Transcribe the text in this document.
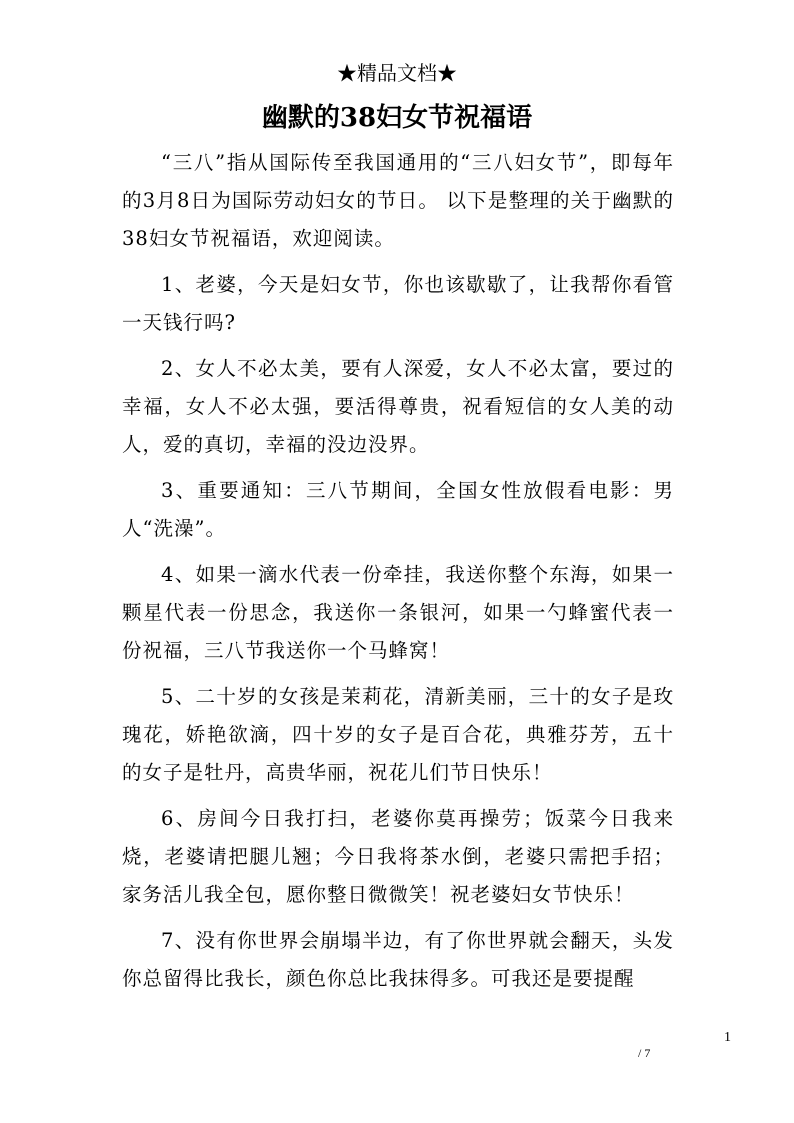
★精品文档★
幽默的38妇女节祝福语

“三八”指从国际传至我国通用的“三八妇女节”，即每年的3月8日为国际劳动妇女的节日。 以下是整理的关于幽默的38妇女节祝福语，欢迎阅读。

1、老婆，今天是妇女节，你也该歇歇了，让我帮你看管一天钱行吗?

2、女人不必太美，要有人深爱，女人不必太富，要过的幸福，女人不必太强，要活得尊贵，祝看短信的女人美的动人，爱的真切，幸福的没边没界。

3、重要通知：三八节期间，全国女性放假看电影：男人“洗澡”。

4、如果一滴水代表一份牵挂，我送你整个东海，如果一颗星代表一份思念，我送你一条银河，如果一勺蜂蜜代表一份祝福，三八节我送你一个马蜂窝！

5、二十岁的女孩是茉莉花，清新美丽，三十的女子是玫瑰花，娇艳欲滴，四十岁的女子是百合花，典雅芬芳，五十的女子是牡丹，高贵华丽，祝花儿们节日快乐！

6、房间今日我打扫，老婆你莫再操劳；饭菜今日我来烧，老婆请把腿儿翘；今日我将茶水倒，老婆只需把手招；家务活儿我全包，愿你整日微微笑！祝老婆妇女节快乐！

7、没有你世界会崩塌半边，有了你世界就会翻天，头发你总留得比我长，颜色你总比我抹得多。可我还是要提醒

1
/ 7
